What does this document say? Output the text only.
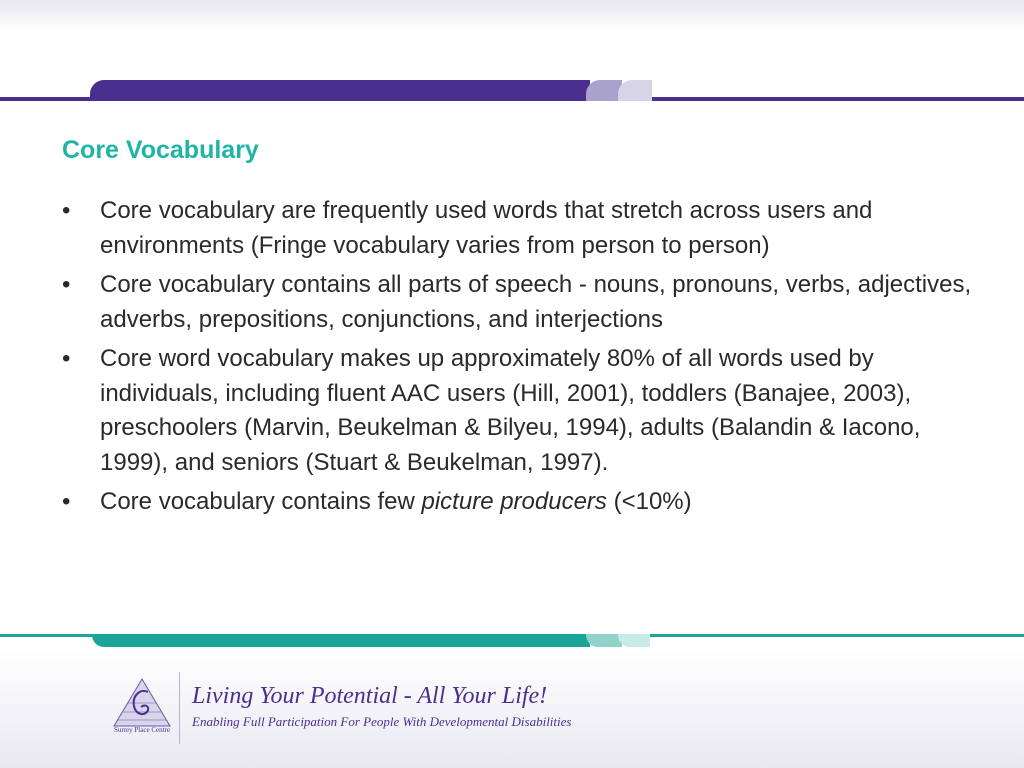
Core Vocabulary
•	Core vocabulary are frequently used words that stretch across users and environments (Fringe vocabulary varies from person to person)
•	Core vocabulary contains all parts of speech - nouns, pronouns, verbs, adjectives, adverbs, prepositions, conjunctions, and interjections
•	Core word vocabulary makes up approximately 80% of all words used by individuals, including fluent AAC users (Hill, 2001), toddlers (Banajee, 2003), preschoolers (Marvin, Beukelman & Bilyeu, 1994), adults (Balandin & Iacono, 1999), and seniors (Stuart & Beukelman, 1997).
•	Core vocabulary contains few picture producers (<10%)
Surrey Place Centre
Living Your Potential - All Your Life!
Enabling Full Participation For People With Developmental Disabilities
